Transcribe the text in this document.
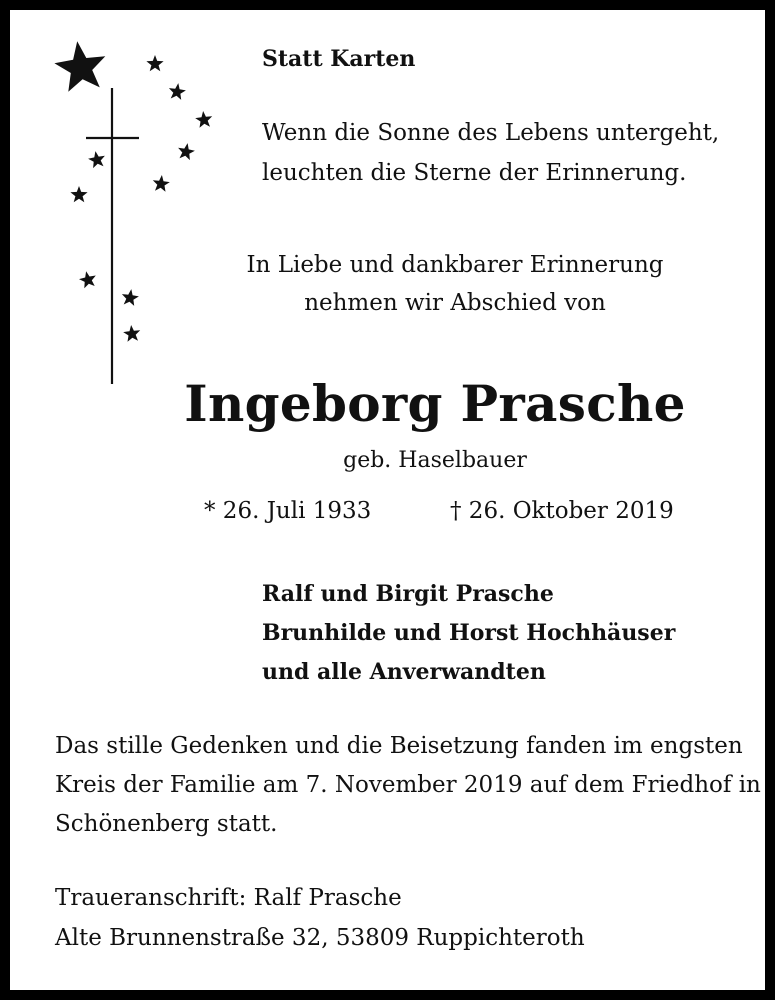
Statt Karten
Wenn die Sonne des Lebens untergeht,
leuchten die Sterne der Erinnerung.
In Liebe und dankbarer Erinnerung
nehmen wir Abschied von
Ingeborg Prasche
geb. Haselbauer
* 26. Juli 1933	† 26. Oktober 2019
Ralf und Birgit Prasche
Brunhilde und Horst Hochhäuser
und alle Anverwandten
Das stille Gedenken und die Beisetzung fanden im engsten
Kreis der Familie am 7. November 2019 auf dem Friedhof in
Schönenberg statt.
Traueranschrift: Ralf Prasche
Alte Brunnenstraße 32, 53809 Ruppichteroth
